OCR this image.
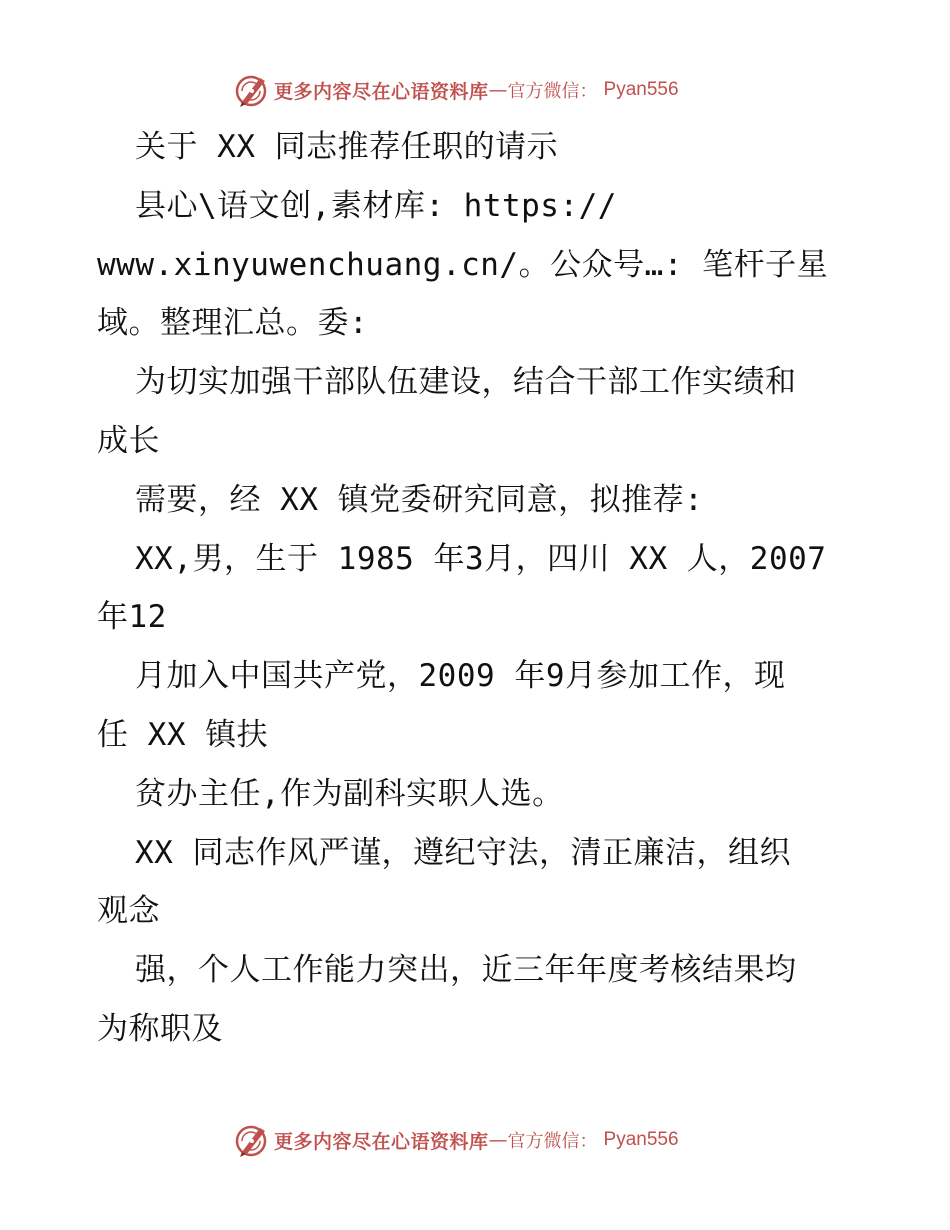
更多内容尽在心语资料库 — 官方微信 ： Pyan556
关于 XX 同志推荐任职的请示
县心\语文创,素材库: https://
www.xinyuwenchuang.cn/。公众号…: 笔杆子星
域。整理汇总。委:
为切实加强干部队伍建设，结合干部工作实绩和
成长
需要，经 XX 镇党委研究同意，拟推荐:
XX,男，生于 1985 年3月，四川 XX 人，2007
年12
月加入中国共产党，2009 年9月参加工作，现
任 XX 镇扶
贫办主任,作为副科实职人选。
XX 同志作风严谨，遵纪守法，清正廉洁，组织
观念
强，个人工作能力突出，近三年年度考核结果均
为称职及
更多内容尽在心语资料库 — 官方微信 ： Pyan556
